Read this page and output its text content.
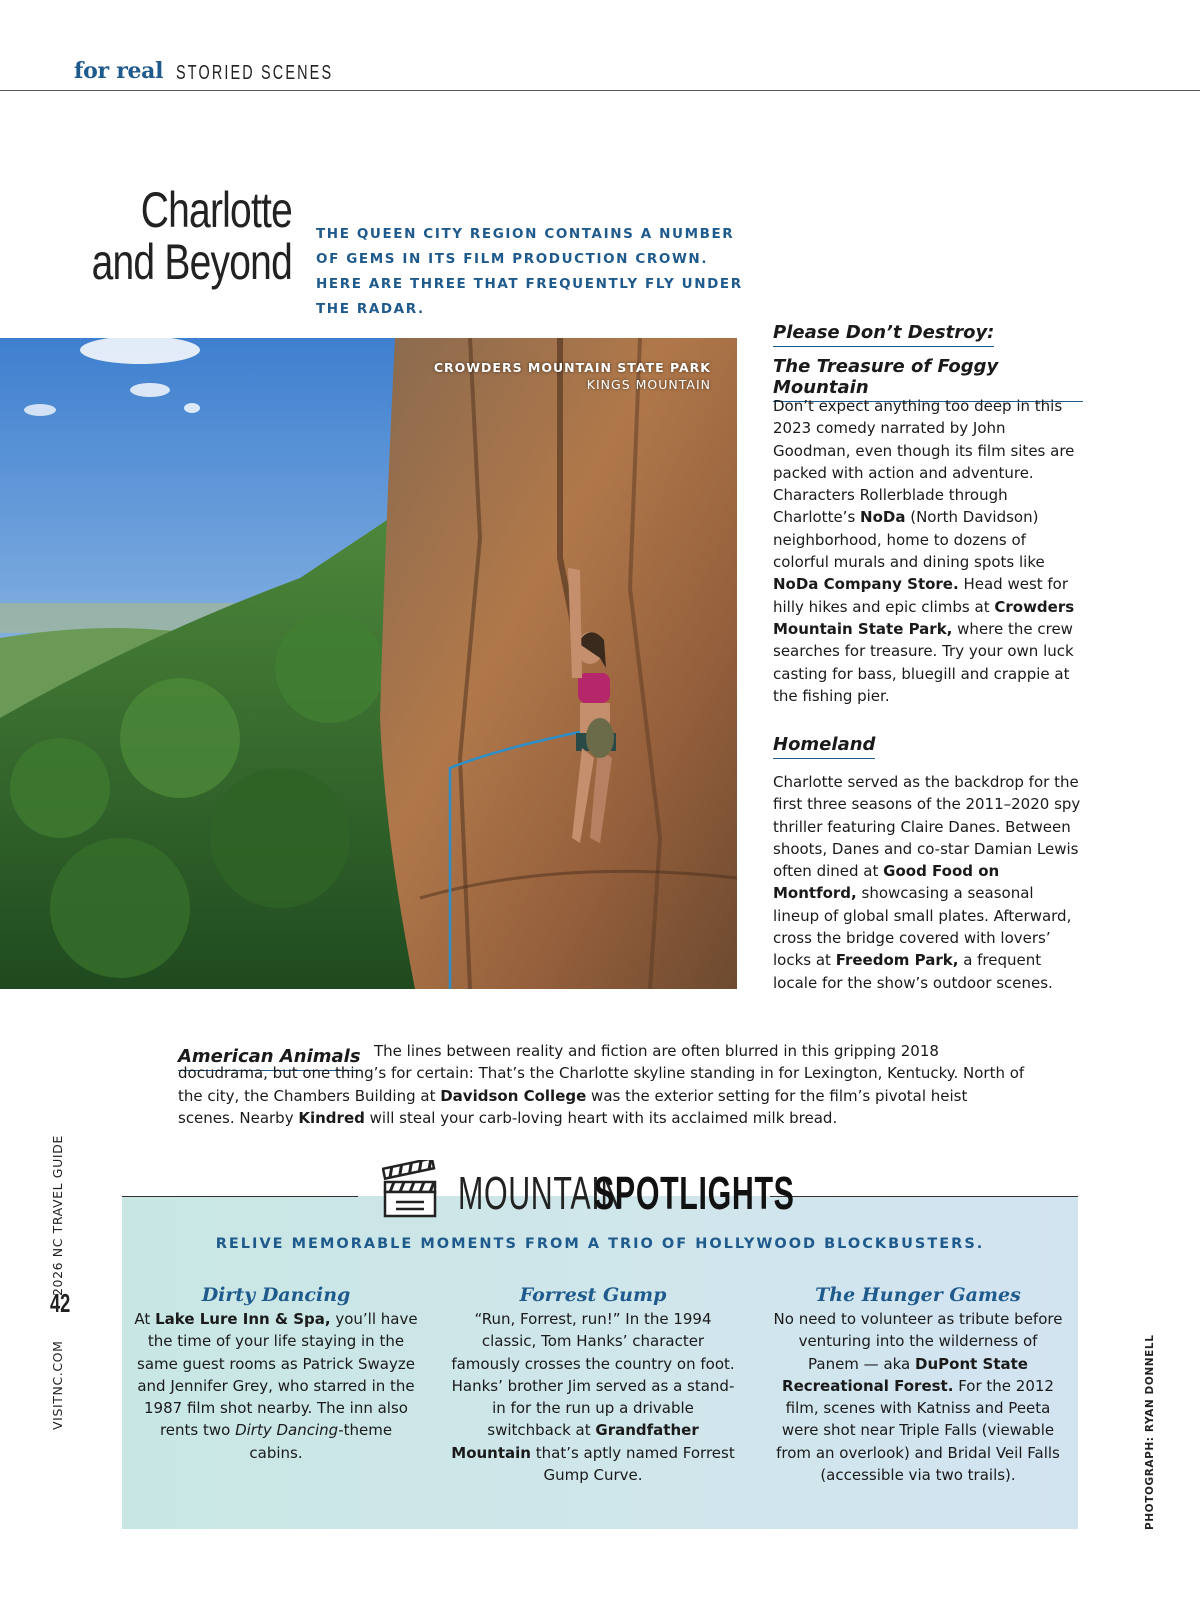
for real STORIED SCENES
Charlotte
and Beyond THE QUEEN CITY REGION CONTAINS A NUMBER OF GEMS IN ITS FILM PRODUCTION CROWN. HERE ARE THREE THAT FREQUENTLY FLY UNDER THE RADAR.
CROWDERS MOUNTAIN STATE PARK
KINGS MOUNTAIN
Please Don’t Destroy:
The Treasure of Foggy Mountain
Don’t expect anything too deep in this 2023 comedy narrated by John Goodman, even though its film sites are packed with action and adventure. Characters Rollerblade through Charlotte’s NoDa (North Davidson) neighborhood, home to dozens of colorful murals and dining spots like NoDa Company Store. Head west for hilly hikes and epic climbs at Crowders Mountain State Park, where the crew searches for treasure. Try your own luck casting for bass, bluegill and crappie at the fishing pier.
Homeland
Charlotte served as the backdrop for the first three seasons of the 2011–2020 spy thriller featuring Claire Danes. Between shoots, Danes and co-star Damian Lewis often dined at Good Food on Montford, showcasing a seasonal lineup of global small plates. Afterward, cross the bridge covered with lovers’ locks at Freedom Park, a frequent locale for the show’s outdoor scenes.
American Animals The lines between reality and fiction are often blurred in this gripping 2018 docudrama, but one thing’s for certain: That’s the Charlotte skyline standing in for Lexington, Kentucky. North of the city, the Chambers Building at Davidson College was the exterior setting for the film’s pivotal heist scenes. Nearby Kindred will steal your carb-loving heart with its acclaimed milk bread.
MOUNTAIN
SPOTLIGHTS
RELIVE MEMORABLE MOMENTS FROM A TRIO OF HOLLYWOOD BLOCKBUSTERS.
Dirty Dancing
At Lake Lure Inn & Spa, you’ll have the time of your life staying in the same guest rooms as Patrick Swayze and Jennifer Grey, who starred in the 1987 film shot nearby. The inn also rents two Dirty Dancing-theme cabins.
Forrest Gump
“Run, Forrest, run!” In the 1994 classic, Tom Hanks’ character famously crosses the country on foot. Hanks’ brother Jim served as a stand-in for the run up a drivable switchback at Grandfather Mountain that’s aptly named Forrest Gump Curve.
The Hunger Games
No need to volunteer as tribute before venturing into the wilderness of Panem — aka DuPont State Recreational Forest. For the 2012 film, scenes with Katniss and Peeta were shot near Triple Falls (viewable from an overlook) and Bridal Veil Falls (accessible via two trails).
VISITNC.COM2026 NC TRAVEL GUIDE
42
PHOTOGRAPH: RYAN DONNELL
